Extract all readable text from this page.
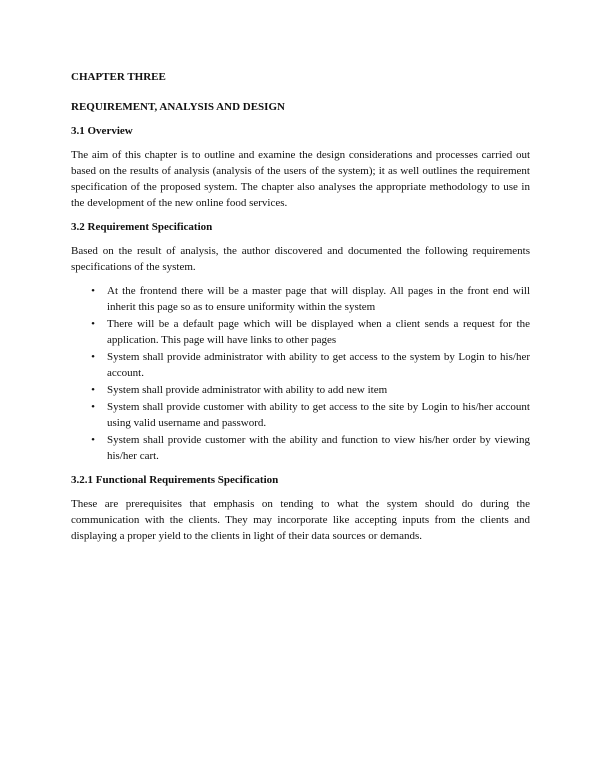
CHAPTER THREE
REQUIREMENT, ANALYSIS AND DESIGN
3.1 Overview

The aim of this chapter is to outline and examine the design considerations and processes carried out based on the results of analysis (analysis of the users of the system); it as well outlines the requirement specification of the proposed system. The chapter also analyses the appropriate methodology to use in the development of the new online food services.

3.2 Requirement Specification

Based on the result of analysis, the author discovered and documented the following requirements specifications of the system.

• At the frontend there will be a master page that will display. All pages in the front end will inherit this page so as to ensure uniformity within the system
• There will be a default page which will be displayed when a client sends a request for the application. This page will have links to other pages
• System shall provide administrator with ability to get access to the system by Login to his/her account.
• System shall provide administrator with ability to add new item
• System shall provide customer with ability to get access to the site by Login to his/her account using valid username and password.
• System shall provide customer with the ability and function to view his/her order by viewing his/her cart.
3.2.1 Functional Requirements Specification

These are prerequisites that emphasis on tending to what the system should do during the communication with the clients. They may incorporate like accepting inputs from the clients and displaying a proper yield to the clients in light of their data sources or demands.
